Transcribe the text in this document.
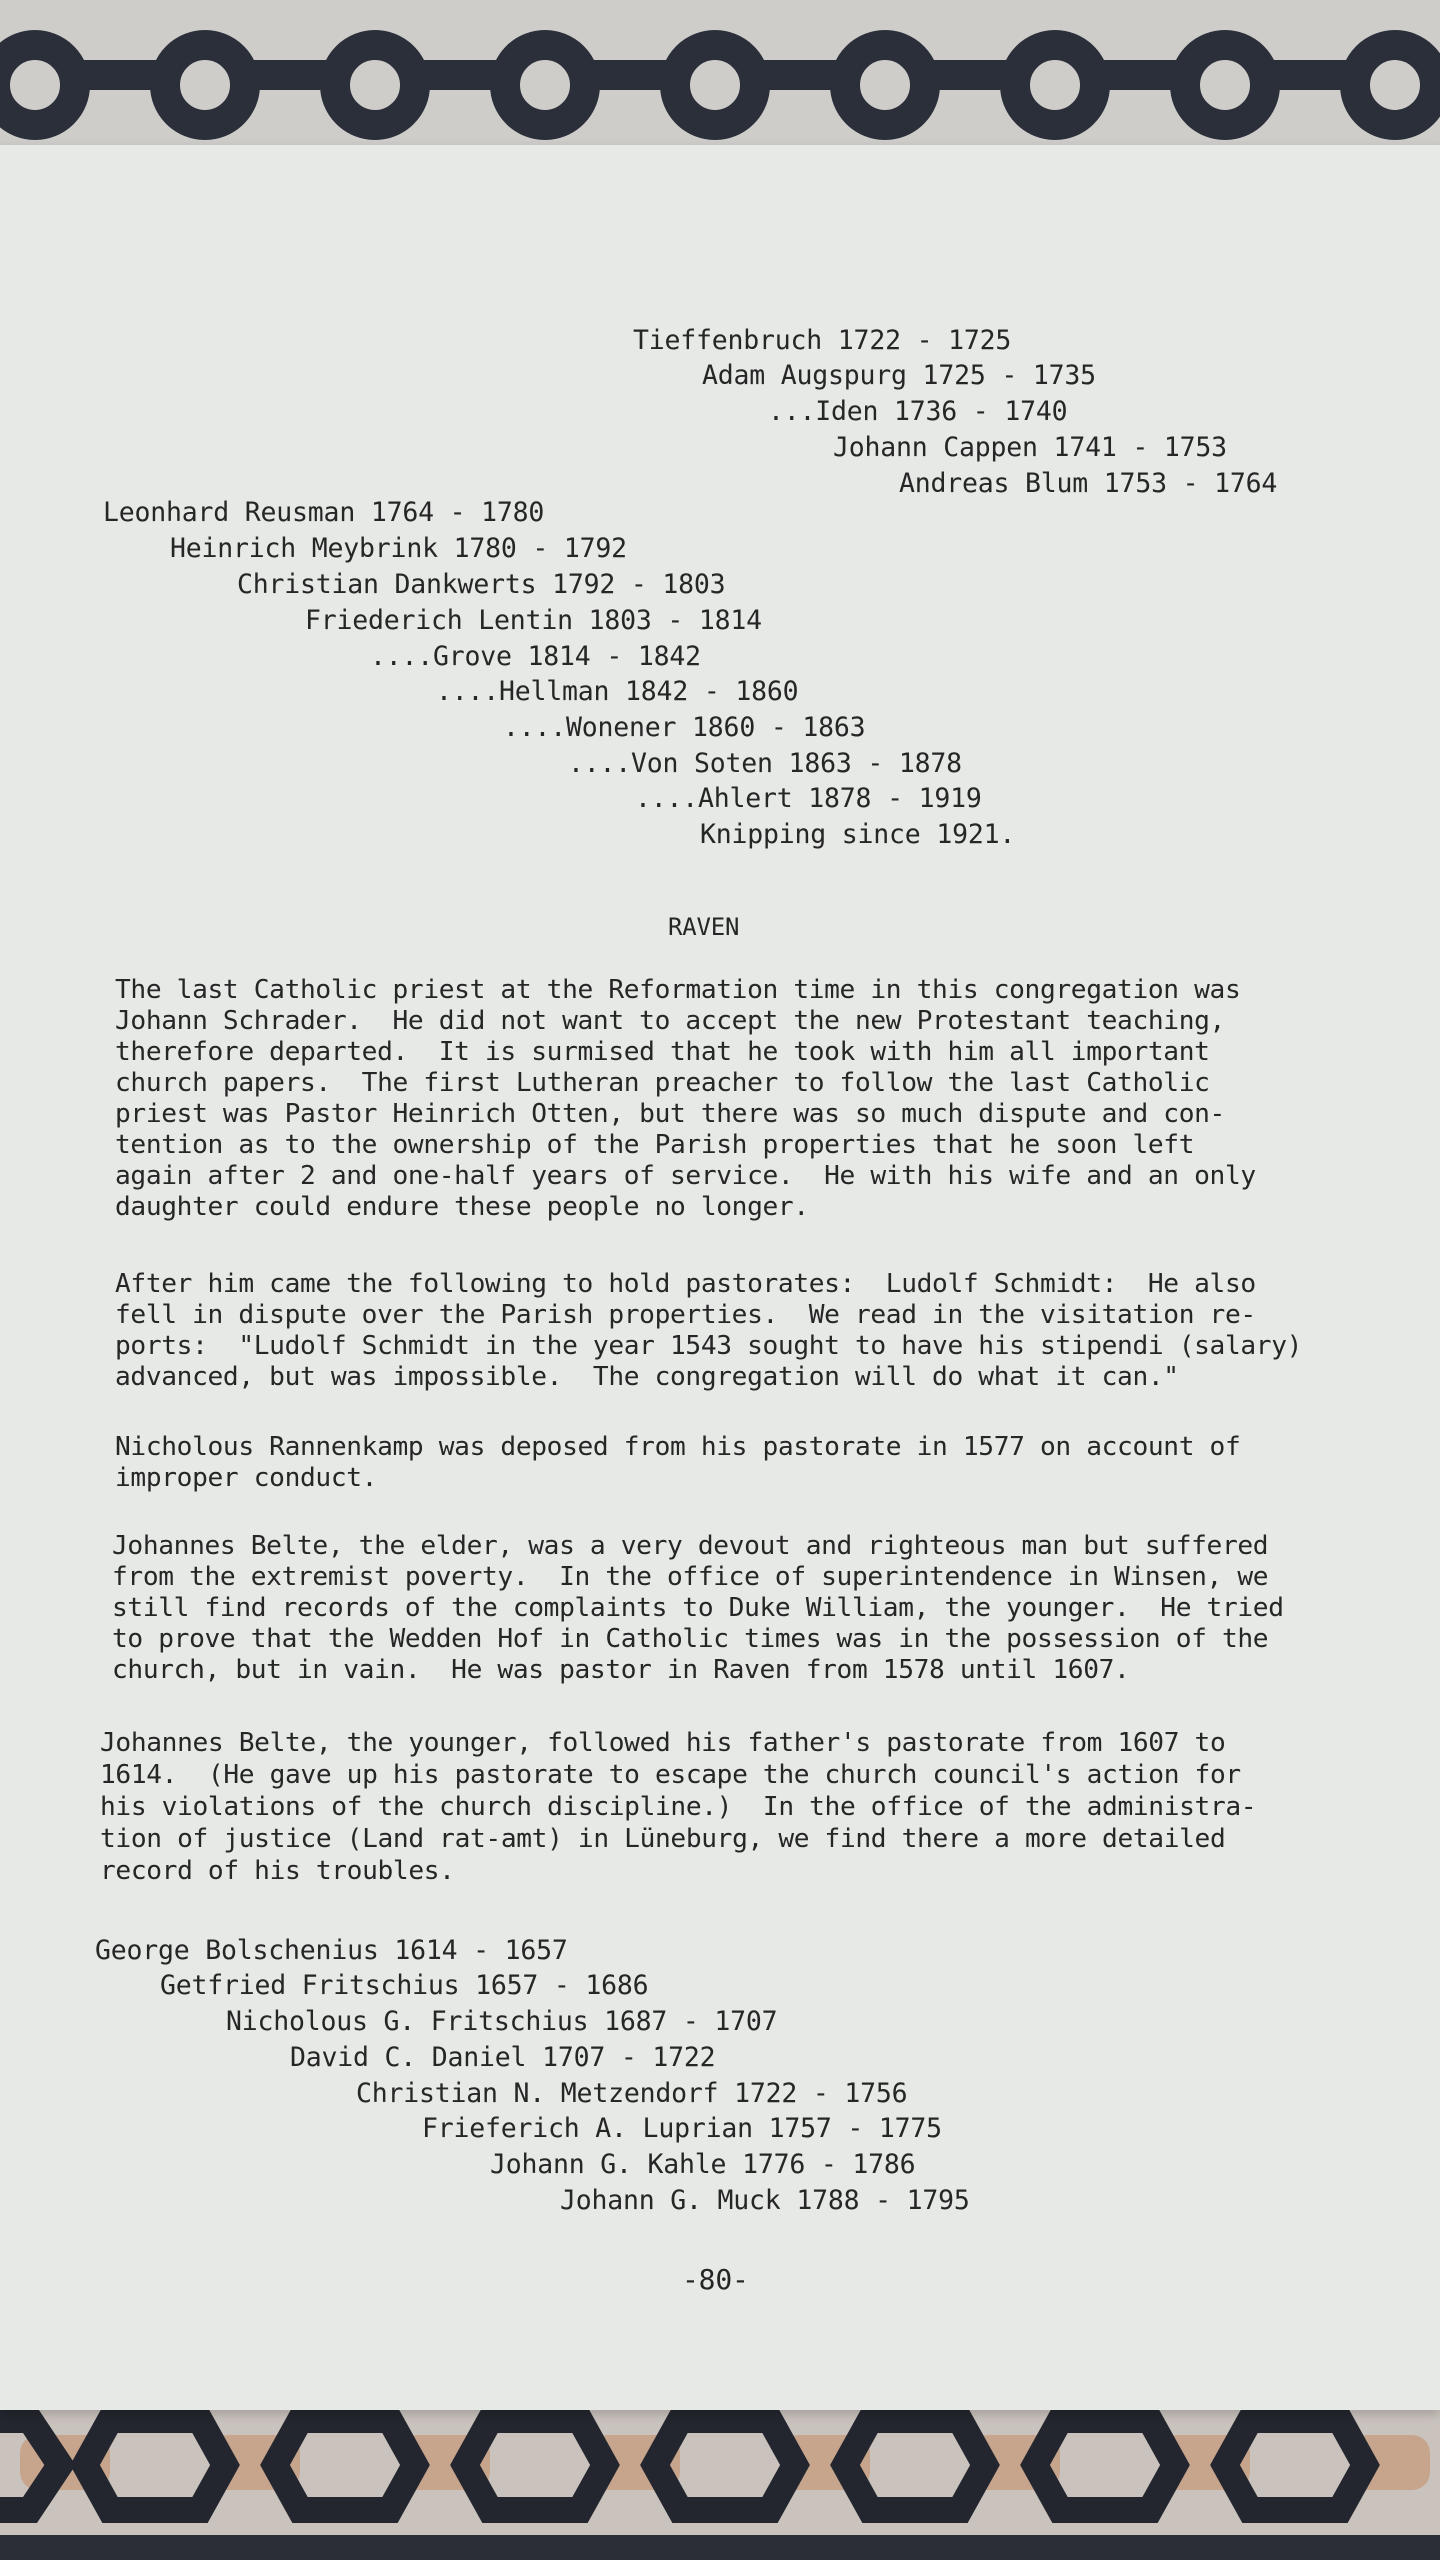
Tieffenbruch 1722 - 1725
Adam Augspurg 1725 - 1735
...Iden 1736 - 1740
Johann Cappen 1741 - 1753
Andreas Blum 1753 - 1764
Leonhard Reusman 1764 - 1780
Heinrich Meybrink 1780 - 1792
Christian Dankwerts 1792 - 1803
Friederich Lentin 1803 - 1814
....Grove 1814 - 1842
....Hellman 1842 - 1860
....Wonener 1860 - 1863
....Von Soten 1863 - 1878
....Ahlert 1878 - 1919
Knipping since 1921.
RAVEN
The last Catholic priest at the Reformation time in this congregation was
Johann Schrader.  He did not want to accept the new Protestant teaching,
therefore departed.  It is surmised that he took with him all important
church papers.  The first Lutheran preacher to follow the last Catholic
priest was Pastor Heinrich Otten, but there was so much dispute and con-
tention as to the ownership of the Parish properties that he soon left
again after 2 and one-half years of service.  He with his wife and an only
daughter could endure these people no longer.
After him came the following to hold pastorates:  Ludolf Schmidt:  He also
fell in dispute over the Parish properties.  We read in the visitation re-
ports:  "Ludolf Schmidt in the year 1543 sought to have his stipendi (salary)
advanced, but was impossible.  The congregation will do what it can."
Nicholous Rannenkamp was deposed from his pastorate in 1577 on account of
improper conduct.
Johannes Belte, the elder, was a very devout and righteous man but suffered
from the extremist poverty.  In the office of superintendence in Winsen, we
still find records of the complaints to Duke William, the younger.  He tried
to prove that the Wedden Hof in Catholic times was in the possession of the
church, but in vain.  He was pastor in Raven from 1578 until 1607.
Johannes Belte, the younger, followed his father's pastorate from 1607 to
1614.  (He gave up his pastorate to escape the church council's action for
his violations of the church discipline.)  In the office of the administra-
tion of justice (Land rat-amt) in Lüneburg, we find there a more detailed
record of his troubles.
George Bolschenius 1614 - 1657
Getfried Fritschius 1657 - 1686
Nicholous G. Fritschius 1687 - 1707
David C. Daniel 1707 - 1722
Christian N. Metzendorf 1722 - 1756
Frieferich A. Luprian 1757 - 1775
Johann G. Kahle 1776 - 1786
Johann G. Muck 1788 - 1795
-80-
